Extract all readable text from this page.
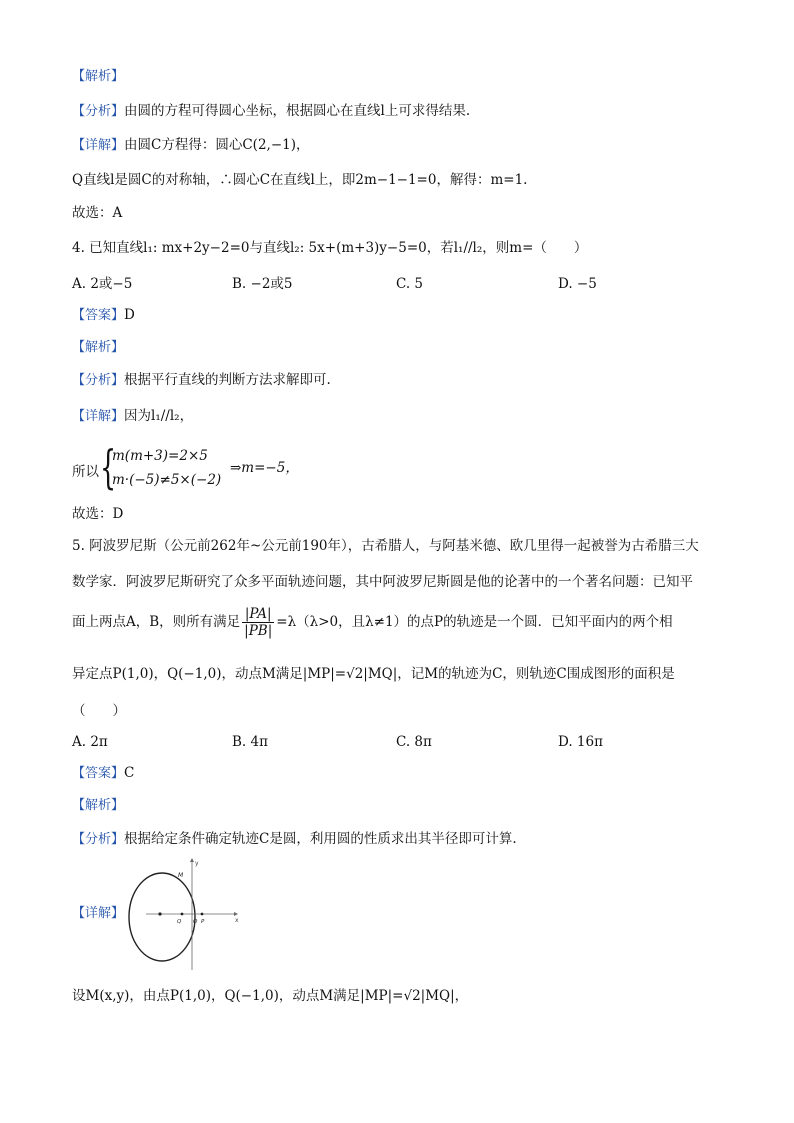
【解析】
【分析】由圆的方程可得圆心坐标，根据圆心在直线l上可求得结果.
【详解】由圆C方程得：圆心C(2,−1)，
Q直线l是圆C的对称轴，∴圆心C在直线l上，即2m−1−1=0，解得：m=1.
故选：A
4. 已知直线l₁: mx+2y−2=0与直线l₂: 5x+(m+3)y−5=0，若l₁//l₂，则m=（　　）
A. 2或−5	B. −2或5	C. 5	D. −5
【答案】D
【解析】
【分析】根据平行直线的判断方法求解即可.
【详解】因为l₁//l₂，
所以 {
m(m+3)=2×5
m·(−5)≠5×(−2)
⇒m=−5，
故选：D
5. 阿波罗尼斯（公元前262年~公元前190年），古希腊人，与阿基米德、欧几里得一起被誉为古希腊三大
数学家．阿波罗尼斯研究了众多平面轨迹问题，其中阿波罗尼斯圆是他的论著中的一个著名问题：已知平
面上两点A，B，则所有满足 $\frac{|PA|}{|PB|} =\lambda(\lambda>0$，且λ≠1）的点P的轨迹是一个圆．已知平面内的两个相
异定点P(1,0)，Q(−1,0)，动点M满足|MP|=√2|MQ|，记M的轨迹为C，则轨迹C围成图形的面积是
（　　）
A. 2π	B. 4π	C. 8π	D. 16π
【答案】C
【解析】
【分析】根据给定条件确定轨迹C是圆，利用圆的性质求出其半径即可计算.
【详解】
y
x
M
Q O P
设M(x,y)，由点P(1,0)，Q(−1,0)，动点M满足|MP|=√2|MQ|，
